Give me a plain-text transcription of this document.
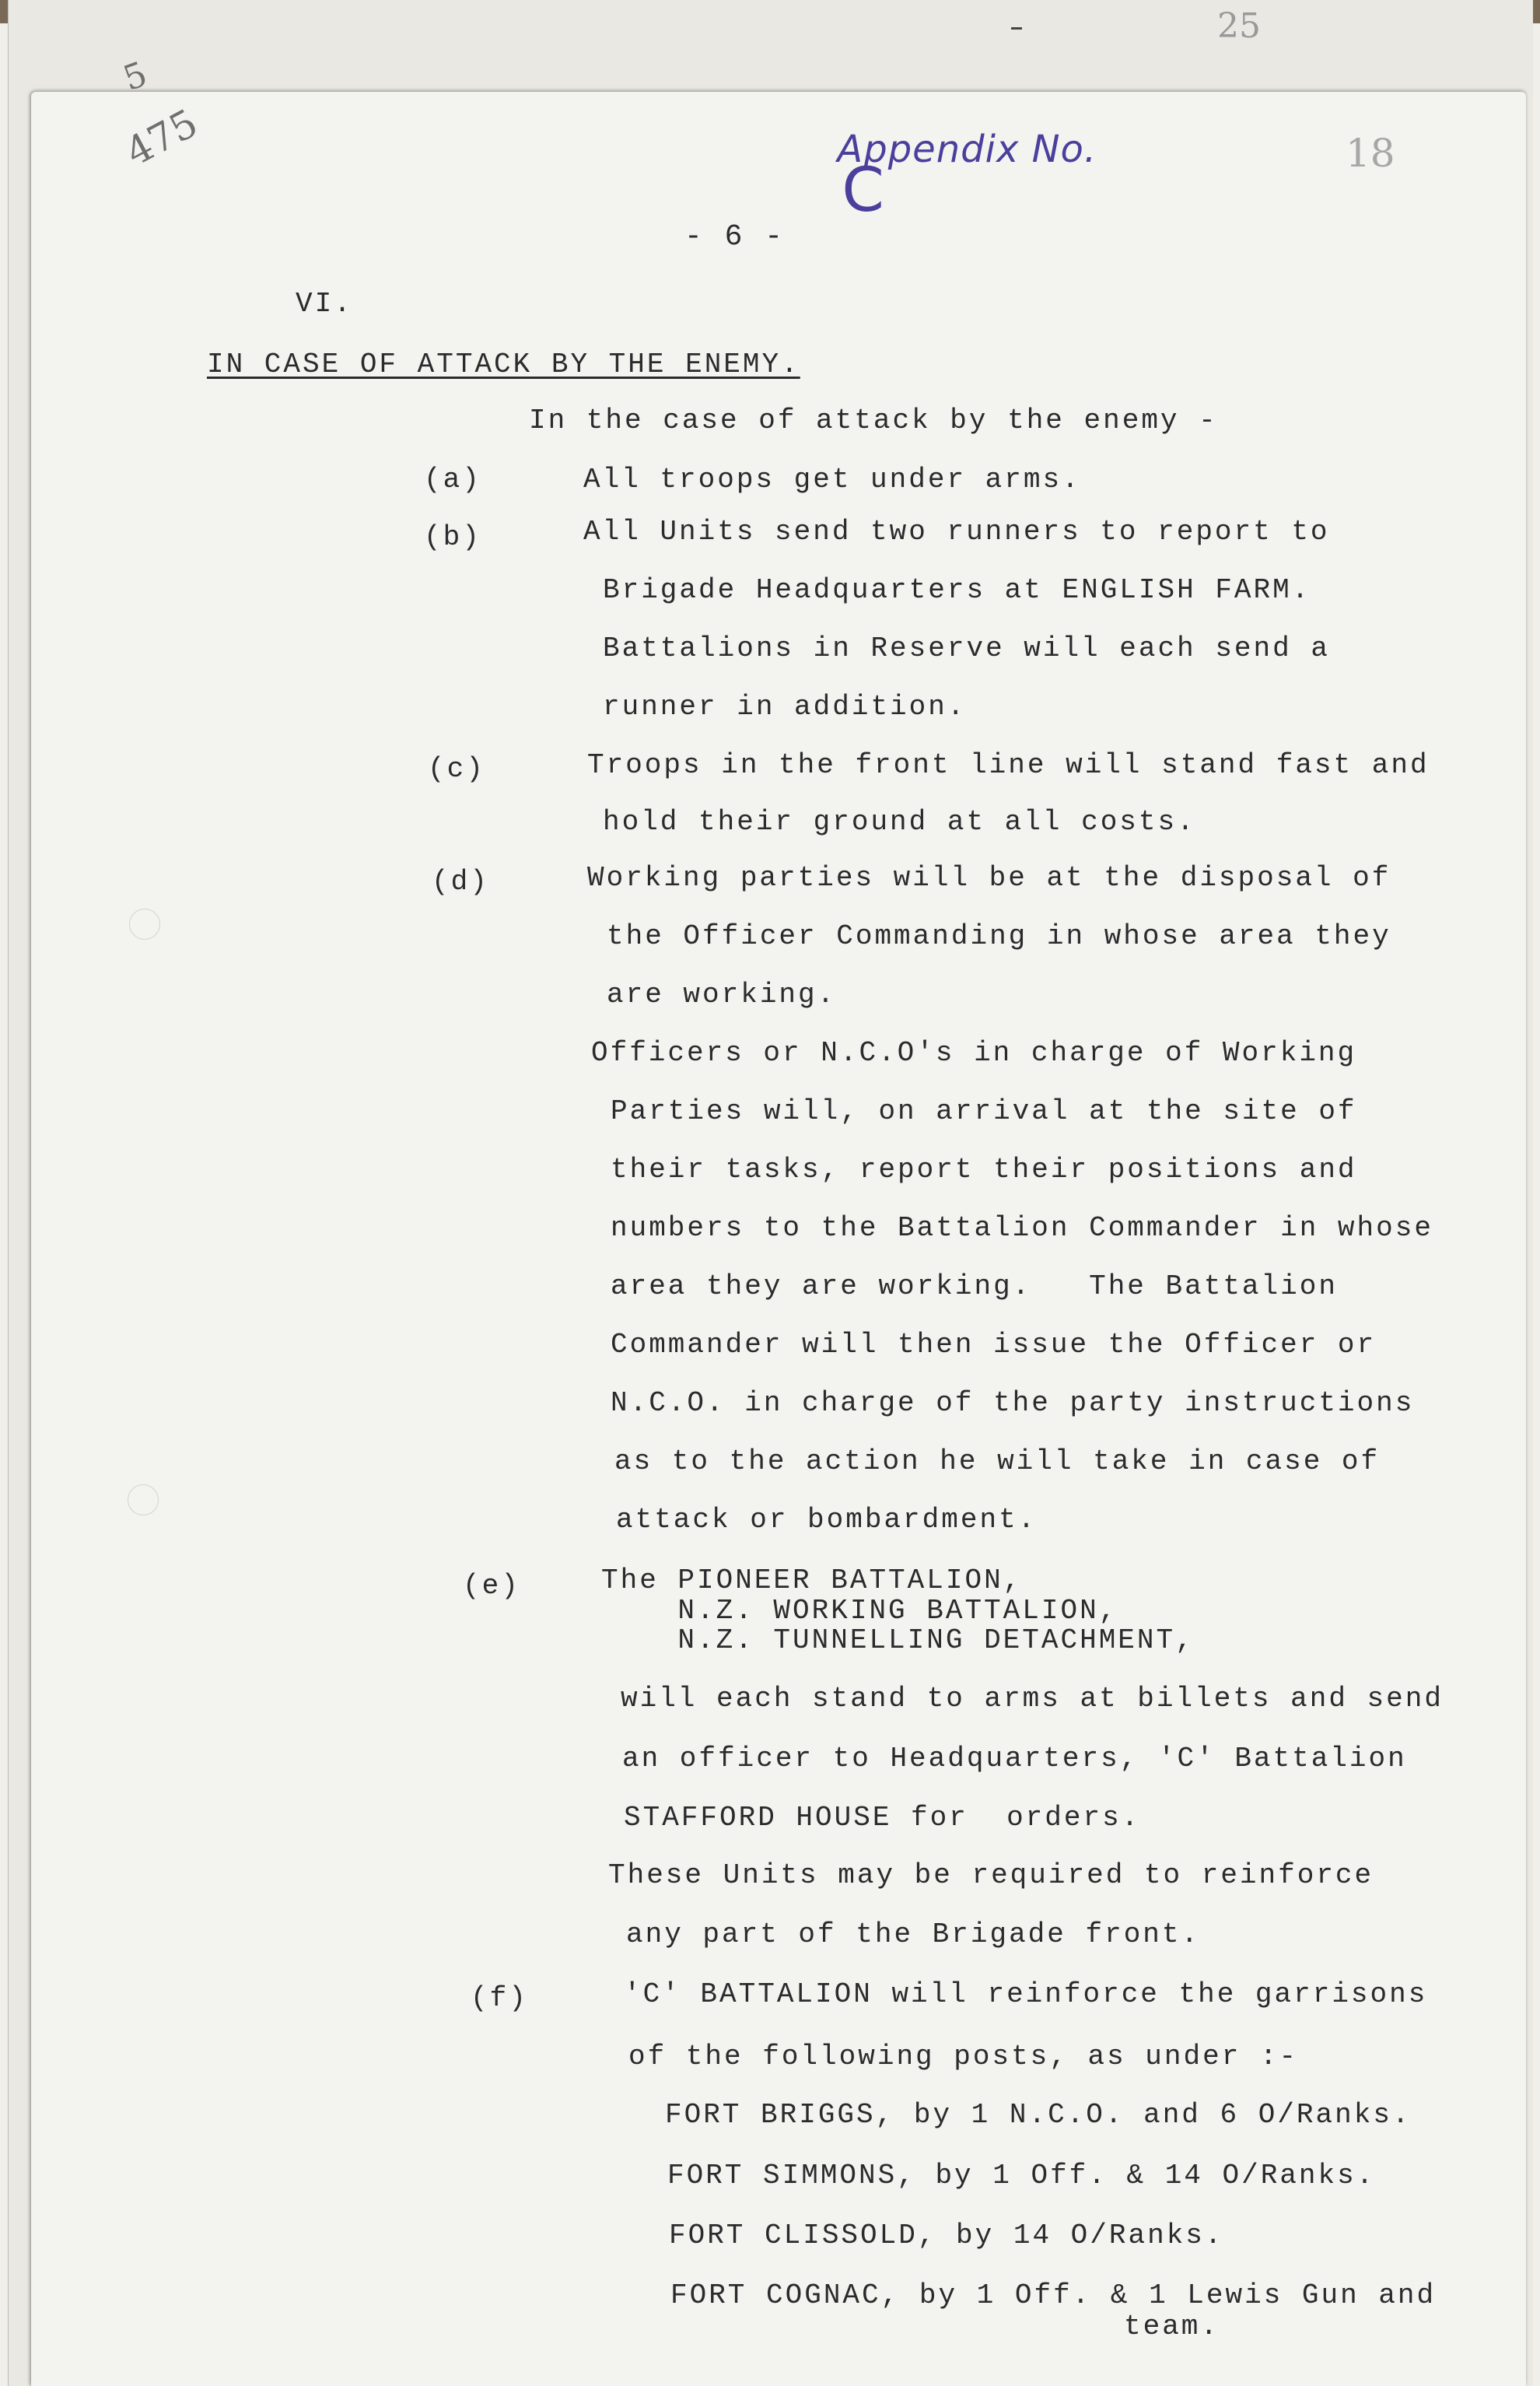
25
5
475	Appendix No.
C

18
- 6 -
VI.
IN CASE OF ATTACK BY THE ENEMY.
In the case of attack by the enemy -
(a)	All troops get under arms.
(b)	All Units send two runners to report to
Brigade Headquarters at ENGLISH FARM.
Battalions in Reserve will each send a
runner in addition.
(c)	Troops in the front line will stand fast and
hold their ground at all costs.
(d)	Working parties will be at the disposal of
the Officer Commanding in whose area they
are working.
Officers or N.C.O's in charge of Working
Parties will, on arrival at the site of
their tasks, report their positions and
numbers to the Battalion Commander in whose
area they are working.   The Battalion
Commander will then issue the Officer or
N.C.O. in charge of the party instructions
as to the action he will take in case of
attack or bombardment.
(e)	The PIONEER BATTALION,
N.Z. WORKING BATTALION,
N.Z. TUNNELLING DETACHMENT,
will each stand to arms at billets and send
an officer to Headquarters, 'C' Battalion
STAFFORD HOUSE for  orders.
These Units may be required to reinforce
any part of the Brigade front.
(f)	'C' BATTALION will reinforce the garrisons
of the following posts, as under :-
FORT BRIGGS, by 1 N.C.O. and 6 O/Ranks.
FORT SIMMONS, by 1 Off. & 14 O/Ranks.
FORT CLISSOLD, by 14 O/Ranks.
FORT COGNAC, by 1 Off. & 1 Lewis Gun and
team.
